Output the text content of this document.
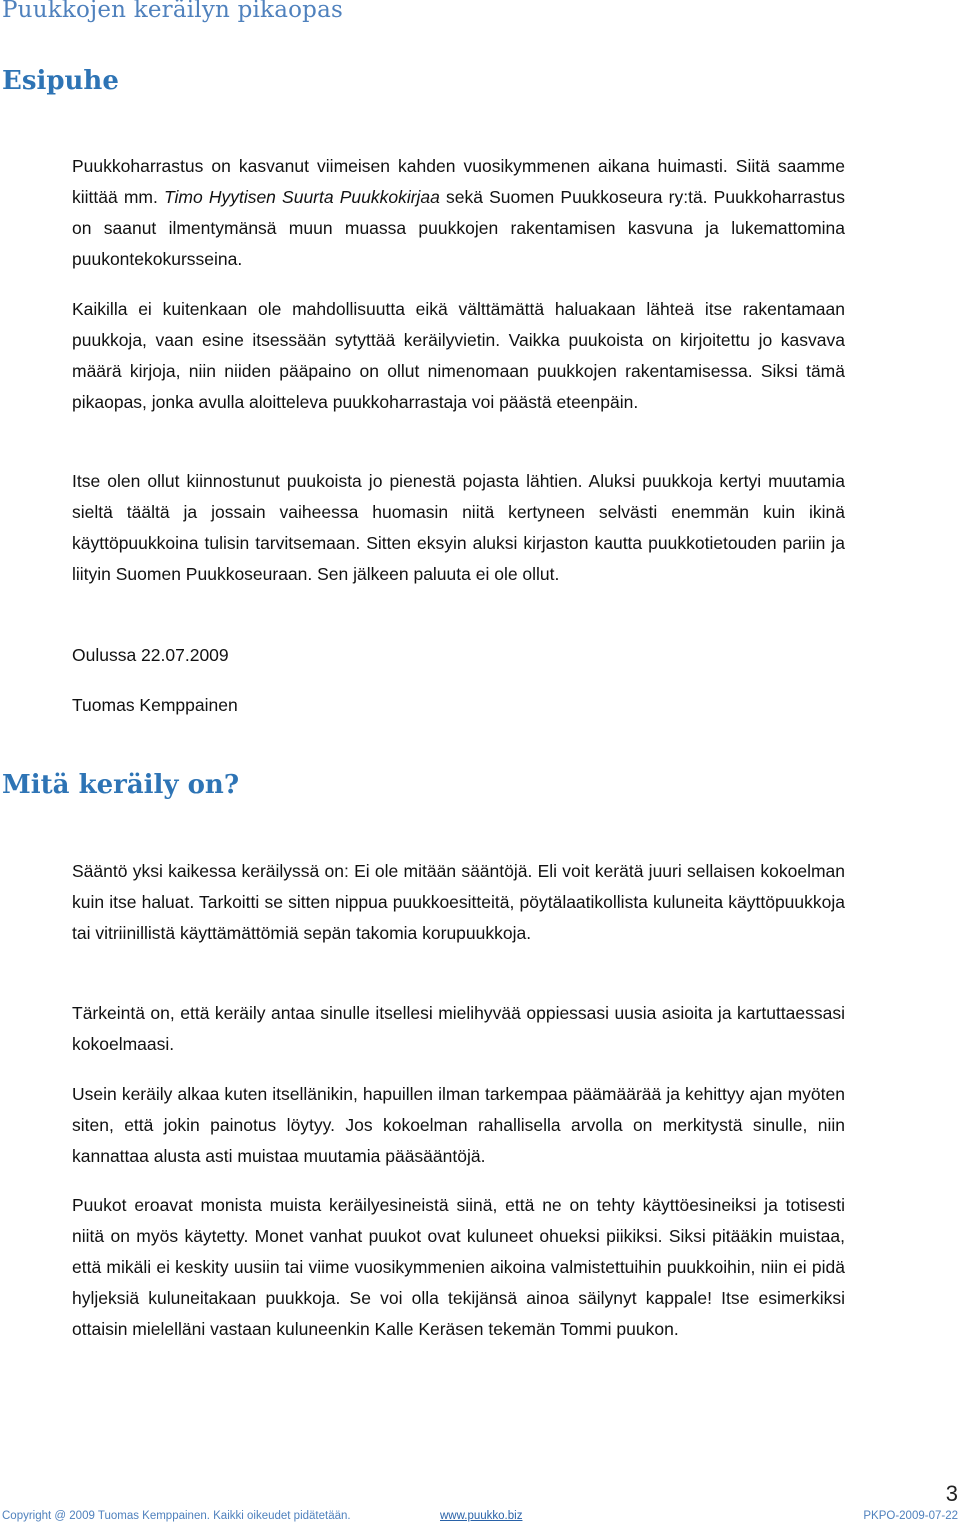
Puukkojen keräilyn pikaopas
Esipuhe

Puukkoharrastus on kasvanut viimeisen kahden vuosikymmenen aikana huimasti. Siitä saamme kiittää mm. Timo Hyytisen Suurta Puukkokirjaa sekä Suomen Puukkoseura ry:tä. Puukkoharrastus on saanut ilmentymänsä muun muassa puukkojen rakentamisen kasvuna ja lukemattomina puukontekokursseina.

Kaikilla ei kuitenkaan ole mahdollisuutta eikä välttämättä haluakaan lähteä itse rakentamaan puukkoja, vaan esine itsessään sytyttää keräilyvietin. Vaikka puukoista on kirjoitettu jo kasvava määrä kirjoja, niin niiden pääpaino on ollut nimenomaan puukkojen rakentamisessa. Siksi tämä pikaopas, jonka avulla aloitteleva puukkoharrastaja voi päästä eteenpäin.

Itse olen ollut kiinnostunut puukoista jo pienestä pojasta lähtien. Aluksi puukkoja kertyi muutamia sieltä täältä ja jossain vaiheessa huomasin niitä kertyneen selvästi enemmän kuin ikinä käyttöpuukkoina tulisin tarvitsemaan. Sitten eksyin aluksi kirjaston kautta puukkotietouden pariin ja liityin Suomen Puukkoseuraan. Sen jälkeen paluuta ei ole ollut.

Oulussa 22.07.2009

Tuomas Kemppainen

Mitä keräily on?

Sääntö yksi kaikessa keräilyssä on: Ei ole mitään sääntöjä. Eli voit kerätä juuri sellaisen kokoelman kuin itse haluat. Tarkoitti se sitten nippua puukkoesitteitä, pöytälaatikollista kuluneita käyttöpuukkoja tai vitriinillistä käyttämättömiä sepän takomia korupuukkoja.

Tärkeintä on, että keräily antaa sinulle itsellesi mielihyvää oppiessasi uusia asioita ja kartuttaessasi kokoelmaasi.

Usein keräily alkaa kuten itsellänikin, hapuillen ilman tarkempaa päämäärää ja kehittyy ajan myöten siten, että jokin painotus löytyy. Jos kokoelman rahallisella arvolla on merkitystä sinulle, niin kannattaa alusta asti muistaa muutamia pääsääntöjä.

Puukot eroavat monista muista keräilyesineistä siinä, että ne on tehty käyttöesineiksi ja totisesti niitä on myös käytetty. Monet vanhat puukot ovat kuluneet ohueksi piikiksi. Siksi pitääkin muistaa, että mikäli ei keskity uusiin tai viime vuosikymmenien aikoina valmistettuihin puukkoihin, niin ei pidä hyljeksiä kuluneitakaan puukkoja. Se voi olla tekijänsä ainoa säilynyt kappale! Itse esimerkiksi ottaisin mielelläni vastaan kuluneenkin Kalle Keräsen tekemän Tommi puukon.

3
Copyright @ 2009 Tuomas Kemppainen. Kaikki oikeudet pidätetään.	www.puukko.biz	PKPO-2009-07-22
